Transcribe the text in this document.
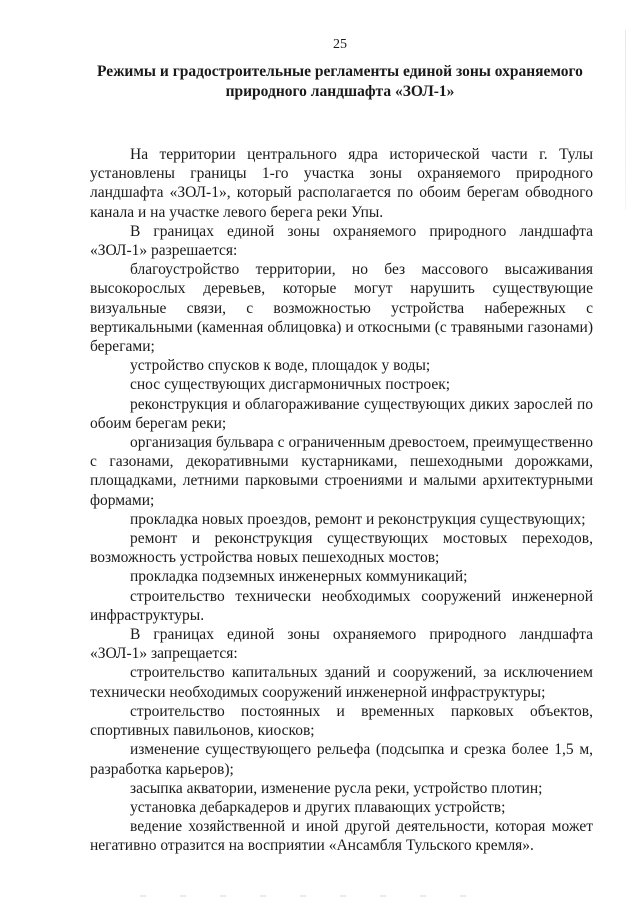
25
Режимы и градостроительные регламенты единой зоны охраняемого природного ландшафта «ЗОЛ-1»

На территории центрального ядра исторической части г. Тулы установлены границы 1-го участка зоны охраняемого природного ландшафта «ЗОЛ-1», который располагается по обоим берегам обводного канала и на участке левого берега реки Упы.

В границах единой зоны охраняемого природного ландшафта «ЗОЛ-1» разрешается:

благоустройство территории, но без массового высаживания высокорослых деревьев, которые могут нарушить существующие визуальные связи, с возможностью устройства набережных с вертикальными (каменная облицовка) и откосными (с травяными газонами) берегами;

устройство спусков к воде, площадок у воды;

снос существующих дисгармоничных построек;

реконструкция и облагораживание существующих диких зарослей по обоим берегам реки;

организация бульвара с ограниченным древостоем, преимущественно с газонами, декоративными кустарниками, пешеходными дорожками, площадками, летними парковыми строениями и малыми архитектурными формами;

прокладка новых проездов, ремонт и реконструкция существующих;

ремонт и реконструкция существующих мостовых переходов, возможность устройства новых пешеходных мостов;

прокладка подземных инженерных коммуникаций;

строительство технически необходимых сооружений инженерной инфраструктуры.

В границах единой зоны охраняемого природного ландшафта «ЗОЛ-1» запрещается:

строительство капитальных зданий и сооружений, за исключением технически необходимых сооружений инженерной инфраструктуры;

строительство постоянных и временных парковых объектов, спортивных павильонов, киосков;

изменение существующего рельефа (подсыпка и срезка более 1,5 м, разработка карьеров);

засыпка акватории, изменение русла реки, устройство плотин;

установка дебаркадеров и других плавающих устройств;

ведение хозяйственной и иной другой деятельности, которая может негативно отразится на восприятии «Ансамбля Тульского кремля».
